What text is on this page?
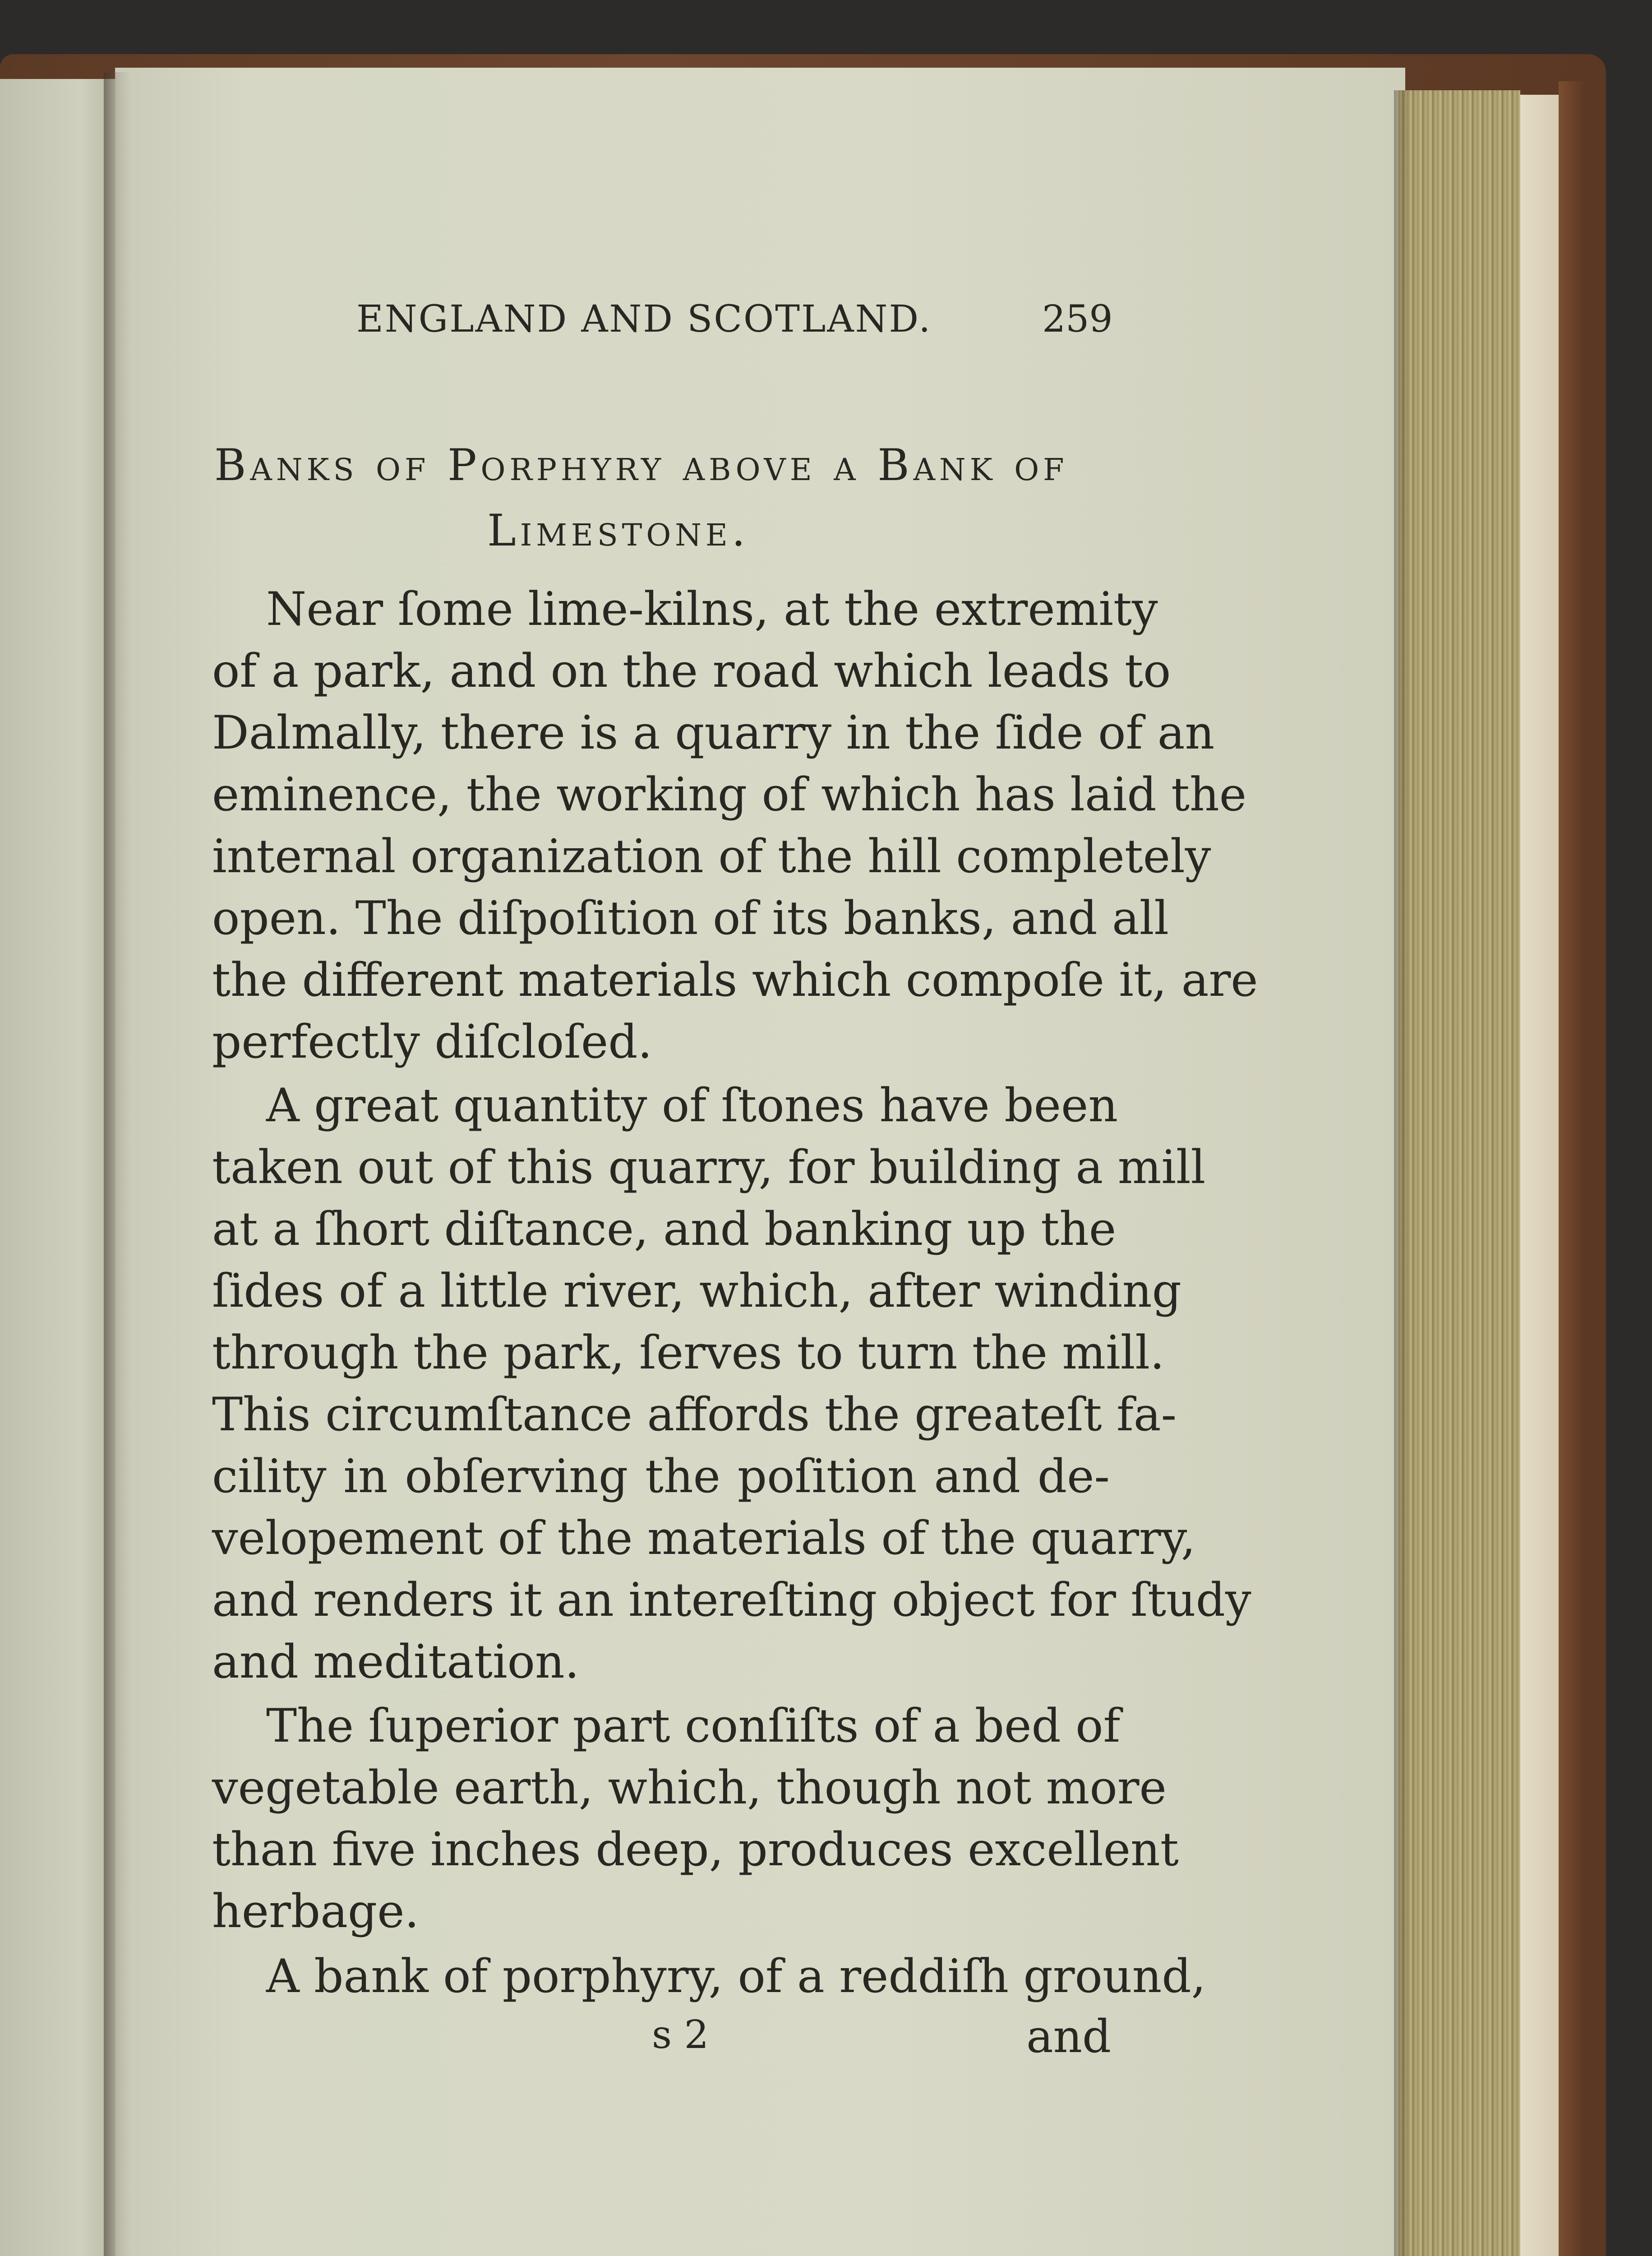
ENGLAND AND SCOTLAND.	259
Banks of Porphyry above a Bank of
Limestone.
Near ſome lime-kilns, at the extremity
of a park, and on the road which leads to
Dalmally, there is a quarry in the ſide of an
eminence, the working of which has laid the
internal organization of the hill completely
open. The diſpoſition of its banks, and all
the different materials which compoſe it, are
perfectly diſcloſed.
A great quantity of ſtones have been
taken out of this quarry, for building a mill
at a ſhort diſtance, and banking up the
ſides of a little river, which, after winding
through the park, ſerves to turn the mill.
This circumſtance affords the greateſt fa-
cility in obſerving the poſition and de-
velopement of the materials of the quarry,
and renders it an intereſting object for ſtudy
and meditation.
The ſuperior part conſiſts of a bed of
vegetable earth, which, though not more
than five inches deep, produces excellent
herbage.
A bank of porphyry, of a reddiſh ground,
s 2	and
